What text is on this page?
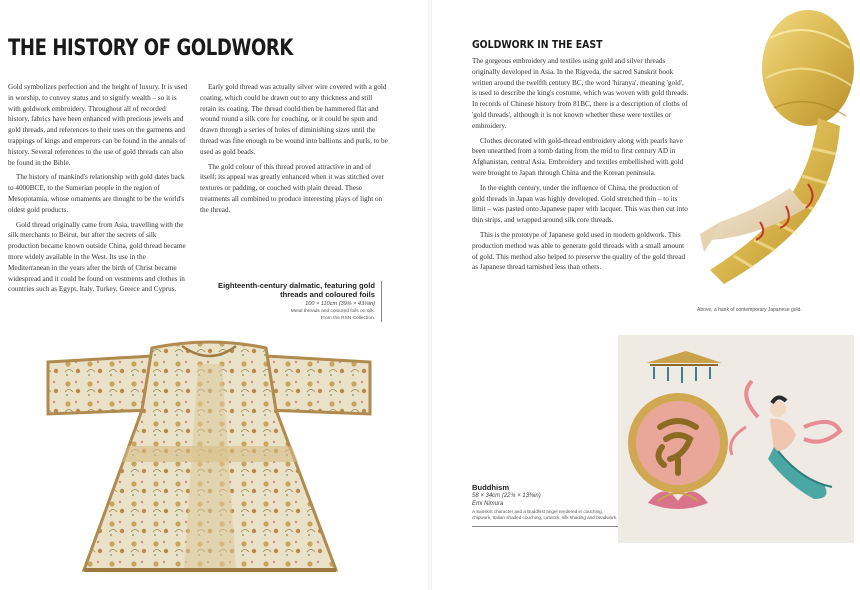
THE HISTORY OF GOLDWORK

Gold symbolizes perfection and the height of luxury. It is used in worship, to convey status and to signify wealth – so it is with goldwork embroidery. Throughout all of recorded history, fabrics have been enhanced with precious jewels and gold threads, and references to their uses on the garments and trappings of kings and emperors can be found in the annals of history. Several references to the use of gold threads can also be found in the Bible.

The history of mankind's relationship with gold dates back to 4000BCE, to the Sumerian people in the region of Mesopotamia, whose ornaments are thought to be the world's oldest gold products.

Gold thread originally came from Asia, travelling with the silk merchants to Beirut, but after the secrets of silk production became known outside China, gold thread became more widely available in the West. Its use in the Mediterranean in the years after the birth of Christ became widespread and it could be found on vestments and clothes in countries such as Egypt, Italy, Turkey, Greece and Cyprus.

Early gold thread was actually silver wire covered with a gold coating, which could be drawn out to any thickness and still retain its coating. The thread could then be hammered flat and wound round a silk core for couching, or it could be spun and drawn through a series of holes of diminishing sizes until the thread was fine enough to be wound into ballions and purls, to be used as gold beads.

The gold colour of this thread proved attractive in and of itself; its appeal was greatly enhanced when it was stitched over textures or padding, or couched with plain thread. These treatments all combined to produce interesting plays of light on the thread.

Eighteenth-century dalmatic, featuring gold threads and coloured foils
100 × 110cm (39⅜ × 43¼in)
Metal threads and coloured foils on silk.
From the RSN Collection.
GOLDWORK IN THE EAST

The gorgeous embroidery and textiles using gold and silver threads originally developed in Asia. In the Rigveda, the sacred Sanskrit book written around the twelfth century BC, the word 'hiranya', meaning 'gold', is used to describe the king's costume, which was woven with gold threads. In records of Chinese history from 81BC, there is a description of cloths of 'gold threads', although it is not known whether these were textiles or embroidery.

Clothes decorated with gold-thread embroidery along with pearls have been unearthed from a tomb dating from the mid to first century AD in Afghanistan, central Asia. Embroidery and textiles embellished with gold were brought to Japan through China and the Korean peninsula.

In the eighth century, under the influence of China, the production of gold threads in Japan was highly developed. Gold stretched thin – to its limit – was pasted onto Japanese paper with lacquer. This was then cut into thin strips, and wrapped around silk core threads.

This is the prototype of Japanese gold used in modern goldwork. This production method was able to generate gold threads with a small amount of gold. This method also helped to preserve the quality of the gold thread as Japanese thread tarnished less than others.

Above, a hank of contemporary Japanese gold.
Buddhism
58 × 34cm (22¾ × 13⅜in)
Emi Nimura
A Sanskrit character and a Buddhist angel rendered in couching, chipwork, Italian shaded couching, cutwork, silk shading and beadwork.
